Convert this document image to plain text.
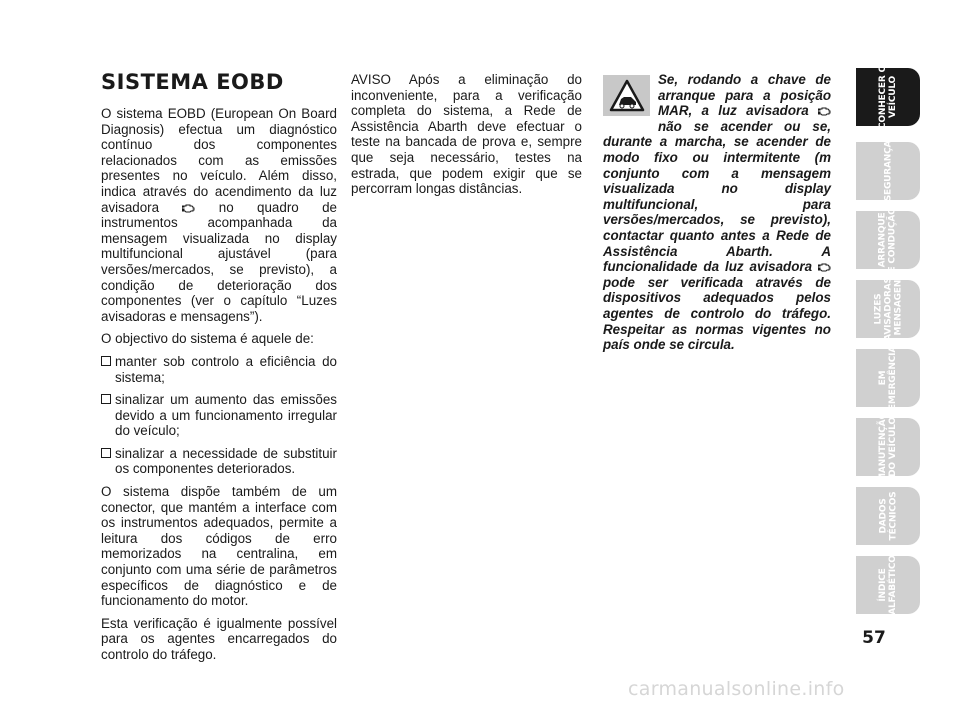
SISTEMA EOBD

O sistema EOBD (European On Board Diagnosis) efectua um diagnóstico contínuo dos componentes relacionados com as emissões presentes no veículo. Além disso, indica através do acendimento da luz avisadora	no quadro de instrumentos acompanhada da mensagem visualizada no display multifuncional ajustável (para versões/mercados, se previsto), a condição de deterioração dos componentes (ver o capítulo “Luzes avisadoras e mensagens”).

O objectivo do sistema é aquele de:

manter sob controlo a eficiência do sistema;
sinalizar um aumento das emissões devido a um funcionamento irregular do veículo;
sinalizar a necessidade de substituir os componentes deteriorados.

O sistema dispõe também de um conector, que mantém a interface com os instrumentos adequados, permite a leitura dos códigos de erro memorizados na centralina, em conjunto com uma série de parâmetros específicos de diagnóstico e de funcionamento do motor.

Esta verificação é igualmente possível para os agentes encarregados do controlo do tráfego.

AVISO Após a eliminação do inconveniente, para a verificação completa do sistema, a Rede de Assistência Abarth deve efectuar o teste na bancada de prova e, sempre que seja necessário, testes na estrada, que podem exigir que se percorram longas distâncias.

Se, rodando a chave de arranque para a posição MAR, a luz avisadora  não se acender ou se, durante a marcha, se acender de modo fixo ou intermitente (m conjunto com a mensagem visualizada no display multifuncional, para versões/mercados, se previsto), contactar quanto antes a Rede de Assistência Abarth. A funcionalidade da luz avisadora  pode ser verificada através de dispositivos adequados pelos agentes de controlo do tráfego. Respeitar as normas vigentes no país onde se circula.
CONHECER O
VEÍCULO
SEGURANÇA
ARRANQUE
E CONDUÇÃO
LUZES
AVISADORAS
E MENSAGENS
EM
EMERGÊNCIA
MANUTENÇÃO
DO VEÍCULO
DADOS
TÉCNICOS
ÍNDICE
ALFABÉTICO
57
carmanualsonline.info
